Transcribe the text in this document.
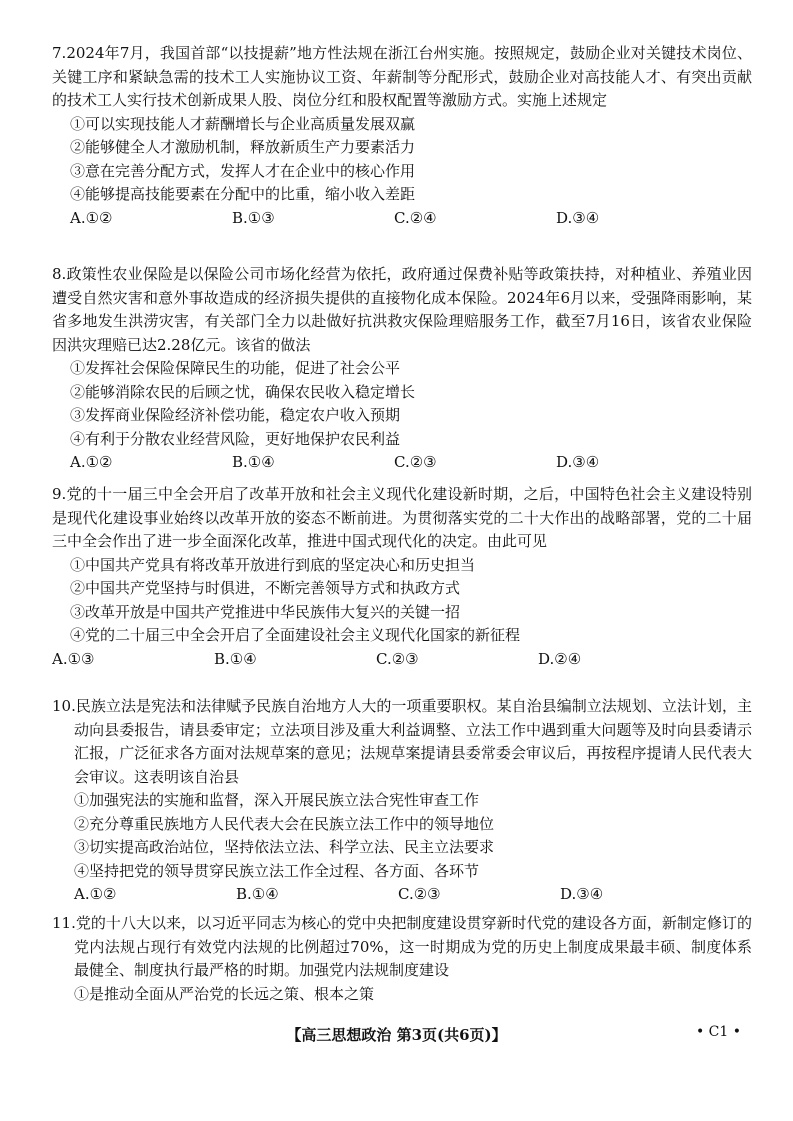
7.2024年7月，我国首部“以技提薪”地方性法规在浙江台州实施。按照规定，鼓励企业对关键技术岗位、关键工序和紧缺急需的技术工人实施协议工资、年薪制等分配形式，鼓励企业对高技能人才、有突出贡献的技术工人实行技术创新成果人股、岗位分红和股权配置等激励方式。实施上述规定

①可以实现技能人才薪酬增长与企业高质量发展双赢

②能够健全人才激励机制，释放新质生产力要素活力

③意在完善分配方式，发挥人才在企业中的核心作用

④能够提高技能要素在分配中的比重，缩小收入差距

A.①②	B.①③	C.②④	D.③④

8.政策性农业保险是以保险公司市场化经营为依托，政府通过保费补贴等政策扶持，对种植业、养殖业因遭受自然灾害和意外事故造成的经济损失提供的直接物化成本保险。2024年6月以来，受强降雨影响，某省多地发生洪涝灾害，有关部门全力以赴做好抗洪救灾保险理赔服务工作，截至7月16日，该省农业保险因洪灾理赔已达2.28亿元。该省的做法

①发挥社会保险保障民生的功能，促进了社会公平

②能够消除农民的后顾之忧，确保农民收入稳定增长

③发挥商业保险经济补偿功能，稳定农户收入预期

④有利于分散农业经营风险，更好地保护农民利益

A.①②	B.①④	C.②③	D.③④

9.党的十一届三中全会开启了改革开放和社会主义现代化建设新时期，之后，中国特色社会主义建设特别是现代化建设事业始终以改革开放的姿态不断前进。为贯彻落实党的二十大作出的战略部署，党的二十届三中全会作出了进一步全面深化改革，推进中国式现代化的决定。由此可见

①中国共产党具有将改革开放进行到底的坚定决心和历史担当

②中国共产党坚持与时俱进，不断完善领导方式和执政方式

③改革开放是中国共产党推进中华民族伟大复兴的关键一招

④党的二十届三中全会开启了全面建设社会主义现代化国家的新征程

A.①③	B.①④	C.②③	D.②④

10.民族立法是宪法和法律赋予民族自治地方人大的一项重要职权。某自治县编制立法规划、立法计划，主动向县委报告，请县委审定；立法项目涉及重大利益调整、立法工作中遇到重大问题等及时向县委请示汇报，广泛征求各方面对法规草案的意见；法规草案提请县委常委会审议后，再按程序提请人民代表大会审议。这表明该自治县

①加强宪法的实施和监督，深入开展民族立法合宪性审查工作

②充分尊重民族地方人民代表大会在民族立法工作中的领导地位

③切实提高政治站位，坚持依法立法、科学立法、民主立法要求

④坚持把党的领导贯穿民族立法工作全过程、各方面、各环节

A.①②	B.①④	C.②③	D.③④

11.党的十八大以来，以习近平同志为核心的党中央把制度建设贯穿新时代党的建设各方面，新制定修订的党内法规占现行有效党内法规的比例超过70%，这一时期成为党的历史上制度成果最丰硕、制度体系最健全、制度执行最严格的时期。加强党内法规制度建设

①是推动全面从严治党的长远之策、根本之策

【高三思想政治 第3页(共6页)】	• C1 •
